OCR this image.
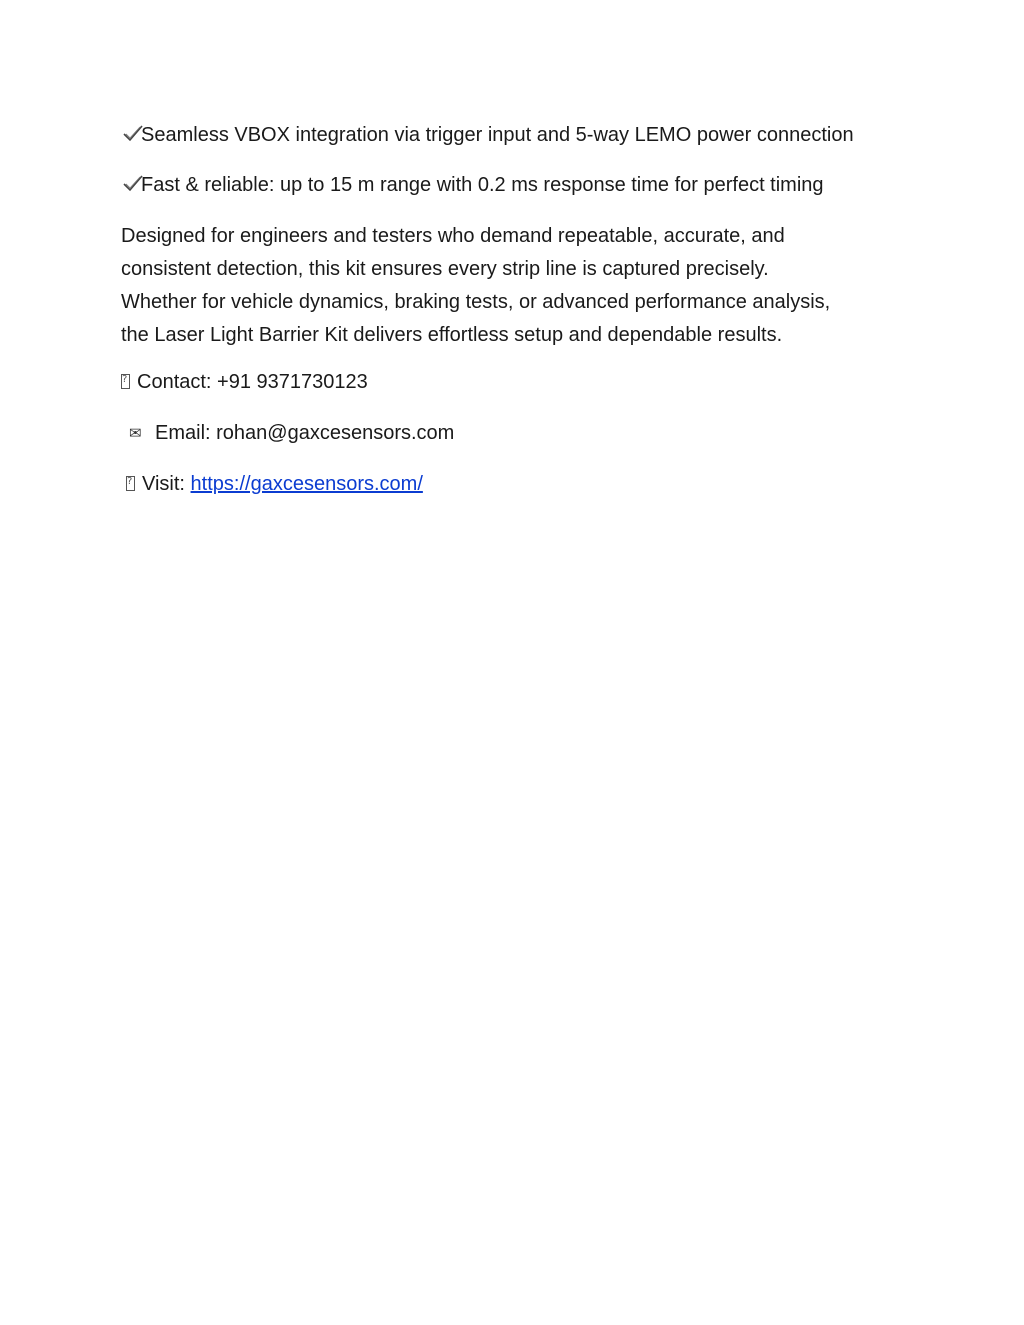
Seamless VBOX integration via trigger input and 5-way LEMO power connection
Fast & reliable: up to 15 m range with 0.2 ms response time for perfect timing
Designed for engineers and testers who demand repeatable, accurate, and
consistent detection, this kit ensures every strip line is captured precisely.
Whether for vehicle dynamics, braking tests, or advanced performance analysis,
the Laser Light Barrier Kit delivers effortless setup and dependable results.
?Contact: +91 9371730123
✉ Email: rohan@gaxcesensors.com
?Visit: https://gaxcesensors.com/
